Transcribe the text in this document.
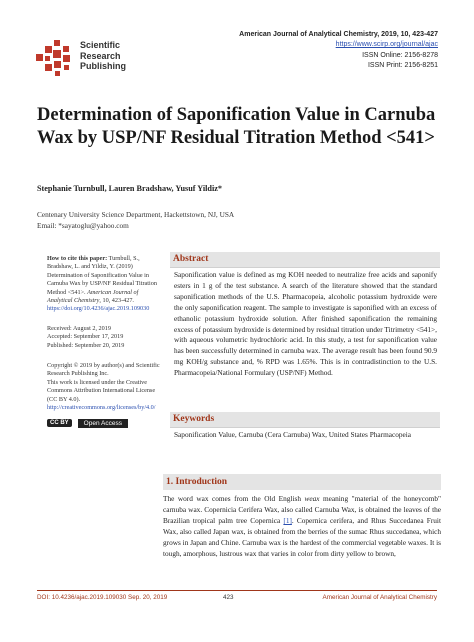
Scientific
Research
Publishing
American Journal of Analytical Chemistry, 2019, 10, 423-427
https://www.scirp.org/journal/ajac
ISSN Online: 2156-8278
ISSN Print: 2156-8251
Determination of Saponification Value in Carnuba Wax by USP/NF Residual Titration Method <541>
Stephanie Turnbull, Lauren Bradshaw, Yusuf Yildiz*
Centenary University Science Department, Hackettstown, NJ, USA
Email: *sayatoglu@yahoo.com
How to cite this paper: Turnbull, S., Bradshaw, L. and Yildiz, Y. (2019) Determination of Saponification Value in Carnuba Wax by USP/NF Residual Titration Method <541>. American Journal of Analytical Chemistry, 10, 423-427.
https://doi.org/10.4236/ajac.2019.109030
Received: August 2, 2019
Accepted: September 17, 2019
Published: September 20, 2019
Copyright © 2019 by author(s) and Scientific Research Publishing Inc.
This work is licensed under the Creative Commons Attribution International License (CC BY 4.0).
http://creativecommons.org/licenses/by/4.0/
CC BY Open Access
Abstract
Saponification value is defined as mg KOH needed to neutralize free acids and saponify esters in 1 g of the test substance. A search of the literature showed that the standard saponification methods of the U.S. Pharmacopeia, alcoholic potassium hydroxide were the only saponification reagent. The sample to investigate is saponified with an excess of ethanolic potassium hydroxide solution. After finished saponification the remaining excess of potassium hydroxide is determined by residual titration under Titrimetry <541>, with aqueous volumetric hydrochloric acid. In this study, a test for saponification value has been successfully determined in carnuba wax. The average result has been found 90.9 mg KOH/g substance and, % RPD was 1.65%. This is in contradistinction to the U.S. Pharmacopeia/National Formulary (USP/NF) Method.
Keywords
Saponification Value, Carnuba (Cera Carnuba) Wax, United States Pharmacopeia
1. Introduction
The word wax comes from the Old English weax meaning "material of the honeycomb" carnuba wax. Copernicia Cerifera Wax, also called Carnuba Wax, is obtained the leaves of the Brazilian tropical palm tree Copernica [1]. Copernica cerifera, and Rhus Succedanea Fruit Wax, also called Japan wax, is obtained from the berries of the sumac Rhus succedanea, which grows in Japan and Chine. Carnuba wax is the hardest of the commercial vegetable waxes. It is tough, amorphous, lustrous wax that varies in color from dirty yellow to brown,
DOI: 10.4236/ajac.2019.109030 Sep. 20, 2019	423	American Journal of Analytical Chemistry
